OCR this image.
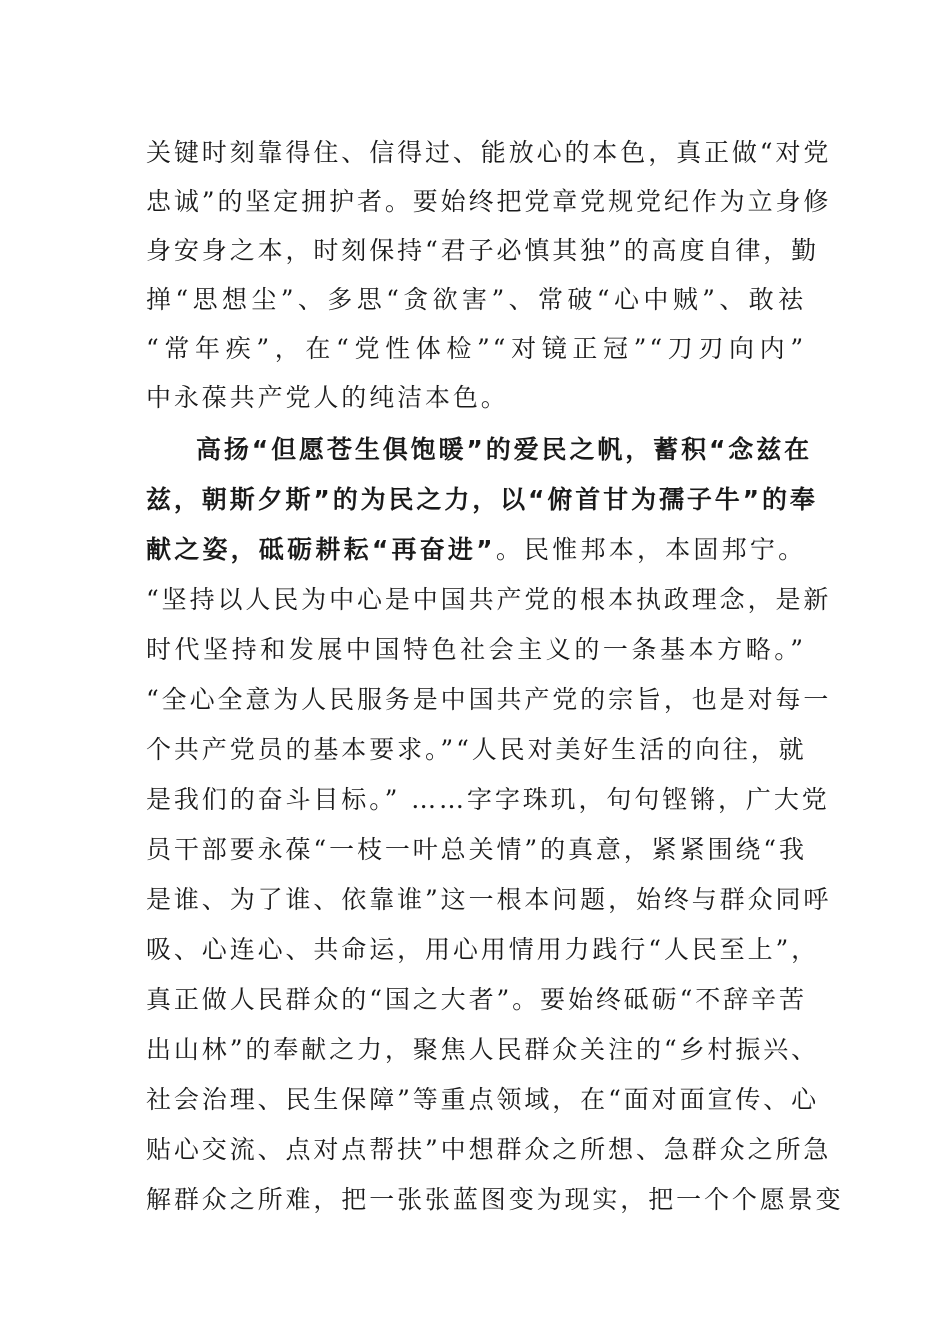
关键时刻靠得住、信得过、能放心的本色，真正做“对党
忠诚”的坚定拥护者。要始终把党章党规党纪作为立身修
身安身之本，时刻保持“君子必慎其独”的高度自律，勤
掸“思想尘”、多思“贪欲害”、常破“心中贼”、敢祛
“常年疾”，在“党性体检”“对镜正冠”“刀刃向内”
中永葆共产党人的纯洁本色。
高扬“但愿苍生俱饱暖”的爱民之帆，蓄积“念兹在
兹，朝斯夕斯”的为民之力，以“俯首甘为孺子牛”的奉
献之姿，砥砺耕耘“再奋进”。民惟邦本，本固邦宁。
“坚持以人民为中心是中国共产党的根本执政理念，是新
时代坚持和发展中国特色社会主义的一条基本方略。”
“全心全意为人民服务是中国共产党的宗旨，也是对每一
个共产党员的基本要求。”“人民对美好生活的向往，就
是我们的奋斗目标。” ……字字珠玑，句句铿锵，广大党
员干部要永葆“一枝一叶总关情”的真意，紧紧围绕“我
是谁、为了谁、依靠谁”这一根本问题，始终与群众同呼
吸、心连心、共命运，用心用情用力践行“人民至上”，
真正做人民群众的“国之大者”。要始终砥砺“不辞辛苦
出山林”的奉献之力，聚焦人民群众关注的“乡村振兴、
社会治理、民生保障”等重点领域，在“面对面宣传、心
贴心交流、点对点帮扶”中想群众之所想、急群众之所急
解群众之所难，把一张张蓝图变为现实，把一个个愿景变
